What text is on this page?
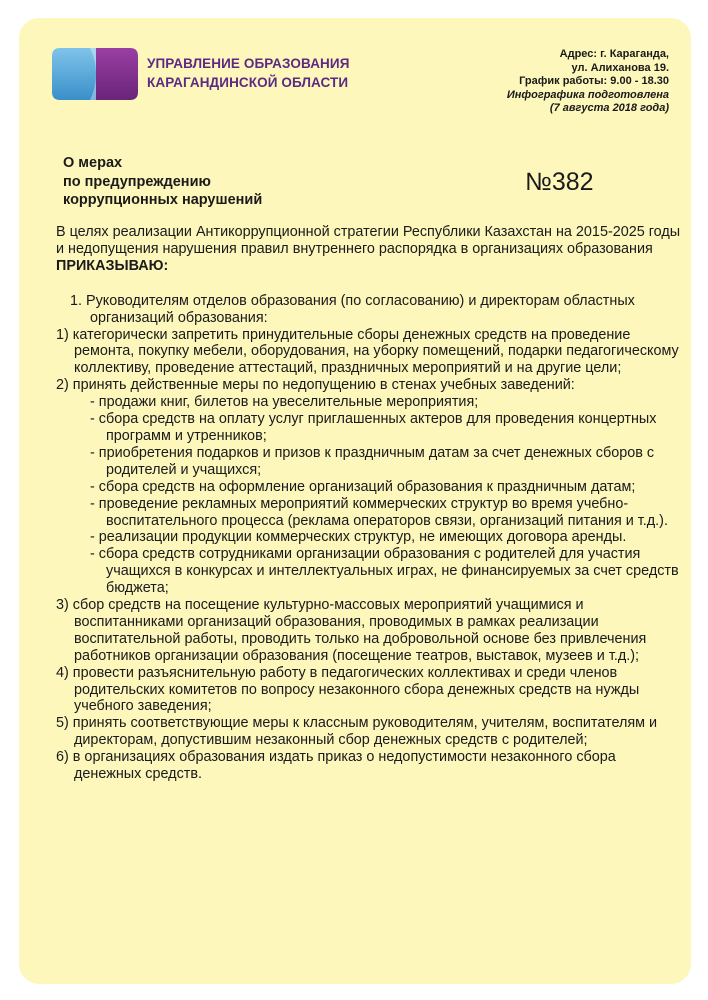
УПРАВЛЕНИЕ ОБРАЗОВАНИЯ
КАРАГАНДИНСКОЙ ОБЛАСТИ
Адрес: г. Караганда,
ул. Алиханова 19.
График работы: 9.00 - 18.30
Инфографика подготовлена
(7 августа 2018 года)
О мерах
по предупреждению
коррупционных нарушений
№382

В целях реализации Антикоррупционной стратегии Республики Казахстан на 2015-2025 годы и недопущения нарушения правил внутреннего распорядка в организациях образования ПРИКАЗЫВАЮ:

1. Руководителям отделов образования (по согласованию) и директорам областных организаций образования:

1) категорически запретить принудительные сборы денежных средств на проведение ремонта, покупку мебели, оборудования, на уборку помещений, подарки педагогическому коллективу, проведение аттестаций, праздничных мероприятий и на другие цели;

2) принять действенные меры по недопущению в стенах учебных заведений:

- продажи книг, билетов на увеселительные мероприятия;

- сбора средств на оплату услуг приглашенных актеров для проведения концертных программ и утренников;

- приобретения подарков и призов к праздничным датам за счет денежных сборов с родителей и учащихся;

- сбора средств на оформление организаций образования к праздничным датам;

- проведение рекламных мероприятий коммерческих структур во время учебно-воспитательного процесса (реклама операторов связи, организаций питания и т.д.).

- реализации продукции коммерческих структур, не имеющих договора аренды.

- сбора средств сотрудниками организации образования с родителей для участия учащихся в конкурсах и интеллектуальных играх, не финансируемых за счет средств бюджета;

3) сбор средств на посещение культурно-массовых мероприятий учащимися и воспитанниками организаций образования, проводимых в рамках реализации воспитательной работы, проводить только на добровольной основе без привлечения работников организации образования (посещение театров, выставок, музеев и т.д.);

4) провести разъяснительную работу в педагогических коллективах и среди членов родительских комитетов по вопросу незаконного сбора денежных средств на нужды учебного заведения;

5) принять соответствующие меры к классным руководителям, учителям, воспитателям и директорам, допустившим незаконный сбор денежных средств с родителей;

6) в организациях образования издать приказ о недопустимости незаконного сбора денежных средств.
